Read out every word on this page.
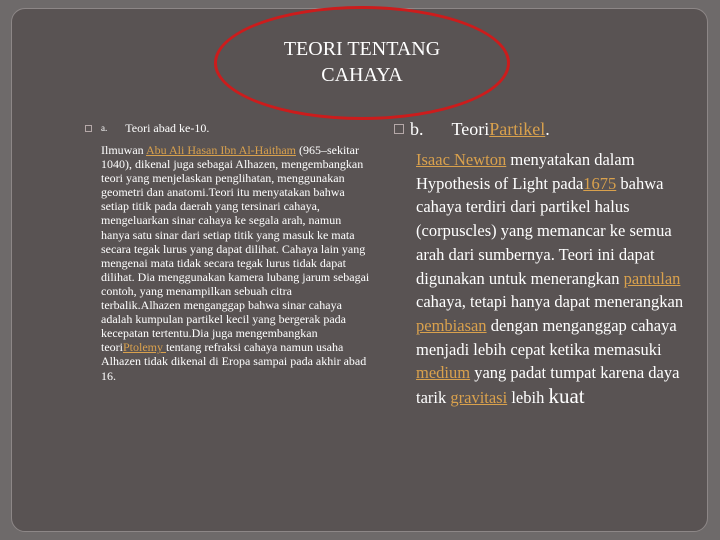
TEORI TENTANG
CAHAYA
a. Teori abad ke-10.
Ilmuwan Abu Ali Hasan Ibn Al-Haitham (965–sekitar 1040), dikenal juga sebagai Alhazen, mengembangkan teori yang menjelaskan penglihatan, menggunakan geometri dan anatomi.Teori itu menyatakan bahwa setiap titik pada daerah yang tersinari cahaya, mengeluarkan sinar cahaya ke segala arah, namun hanya satu sinar dari setiap titik yang masuk ke mata secara tegak lurus yang dapat dilihat. Cahaya lain yang mengenai mata tidak secara tegak lurus tidak dapat dilihat. Dia menggunakan kamera lubang jarum sebagai contoh, yang menampilkan sebuah citra terbalik.Alhazen menganggap bahwa sinar cahaya adalah kumpulan partikel kecil yang bergerak pada kecepatan tertentu.Dia juga mengembangkan teoriPtolemy tentang refraksi cahaya namun usaha Alhazen tidak dikenal di Eropa sampai pada akhir abad 16.
b. Teori Partikel .
Isaac Newton menyatakan dalam Hypothesis of Light pada1675 bahwa cahaya terdiri dari partikel halus (corpuscles) yang memancar ke semua arah dari sumbernya. Teori ini dapat digunakan untuk menerangkan pantulan cahaya, tetapi hanya dapat menerangkan pembiasan dengan menganggap cahaya menjadi lebih cepat ketika memasuki medium yang padat tumpat karena daya tarik gravitasi lebih kuat
